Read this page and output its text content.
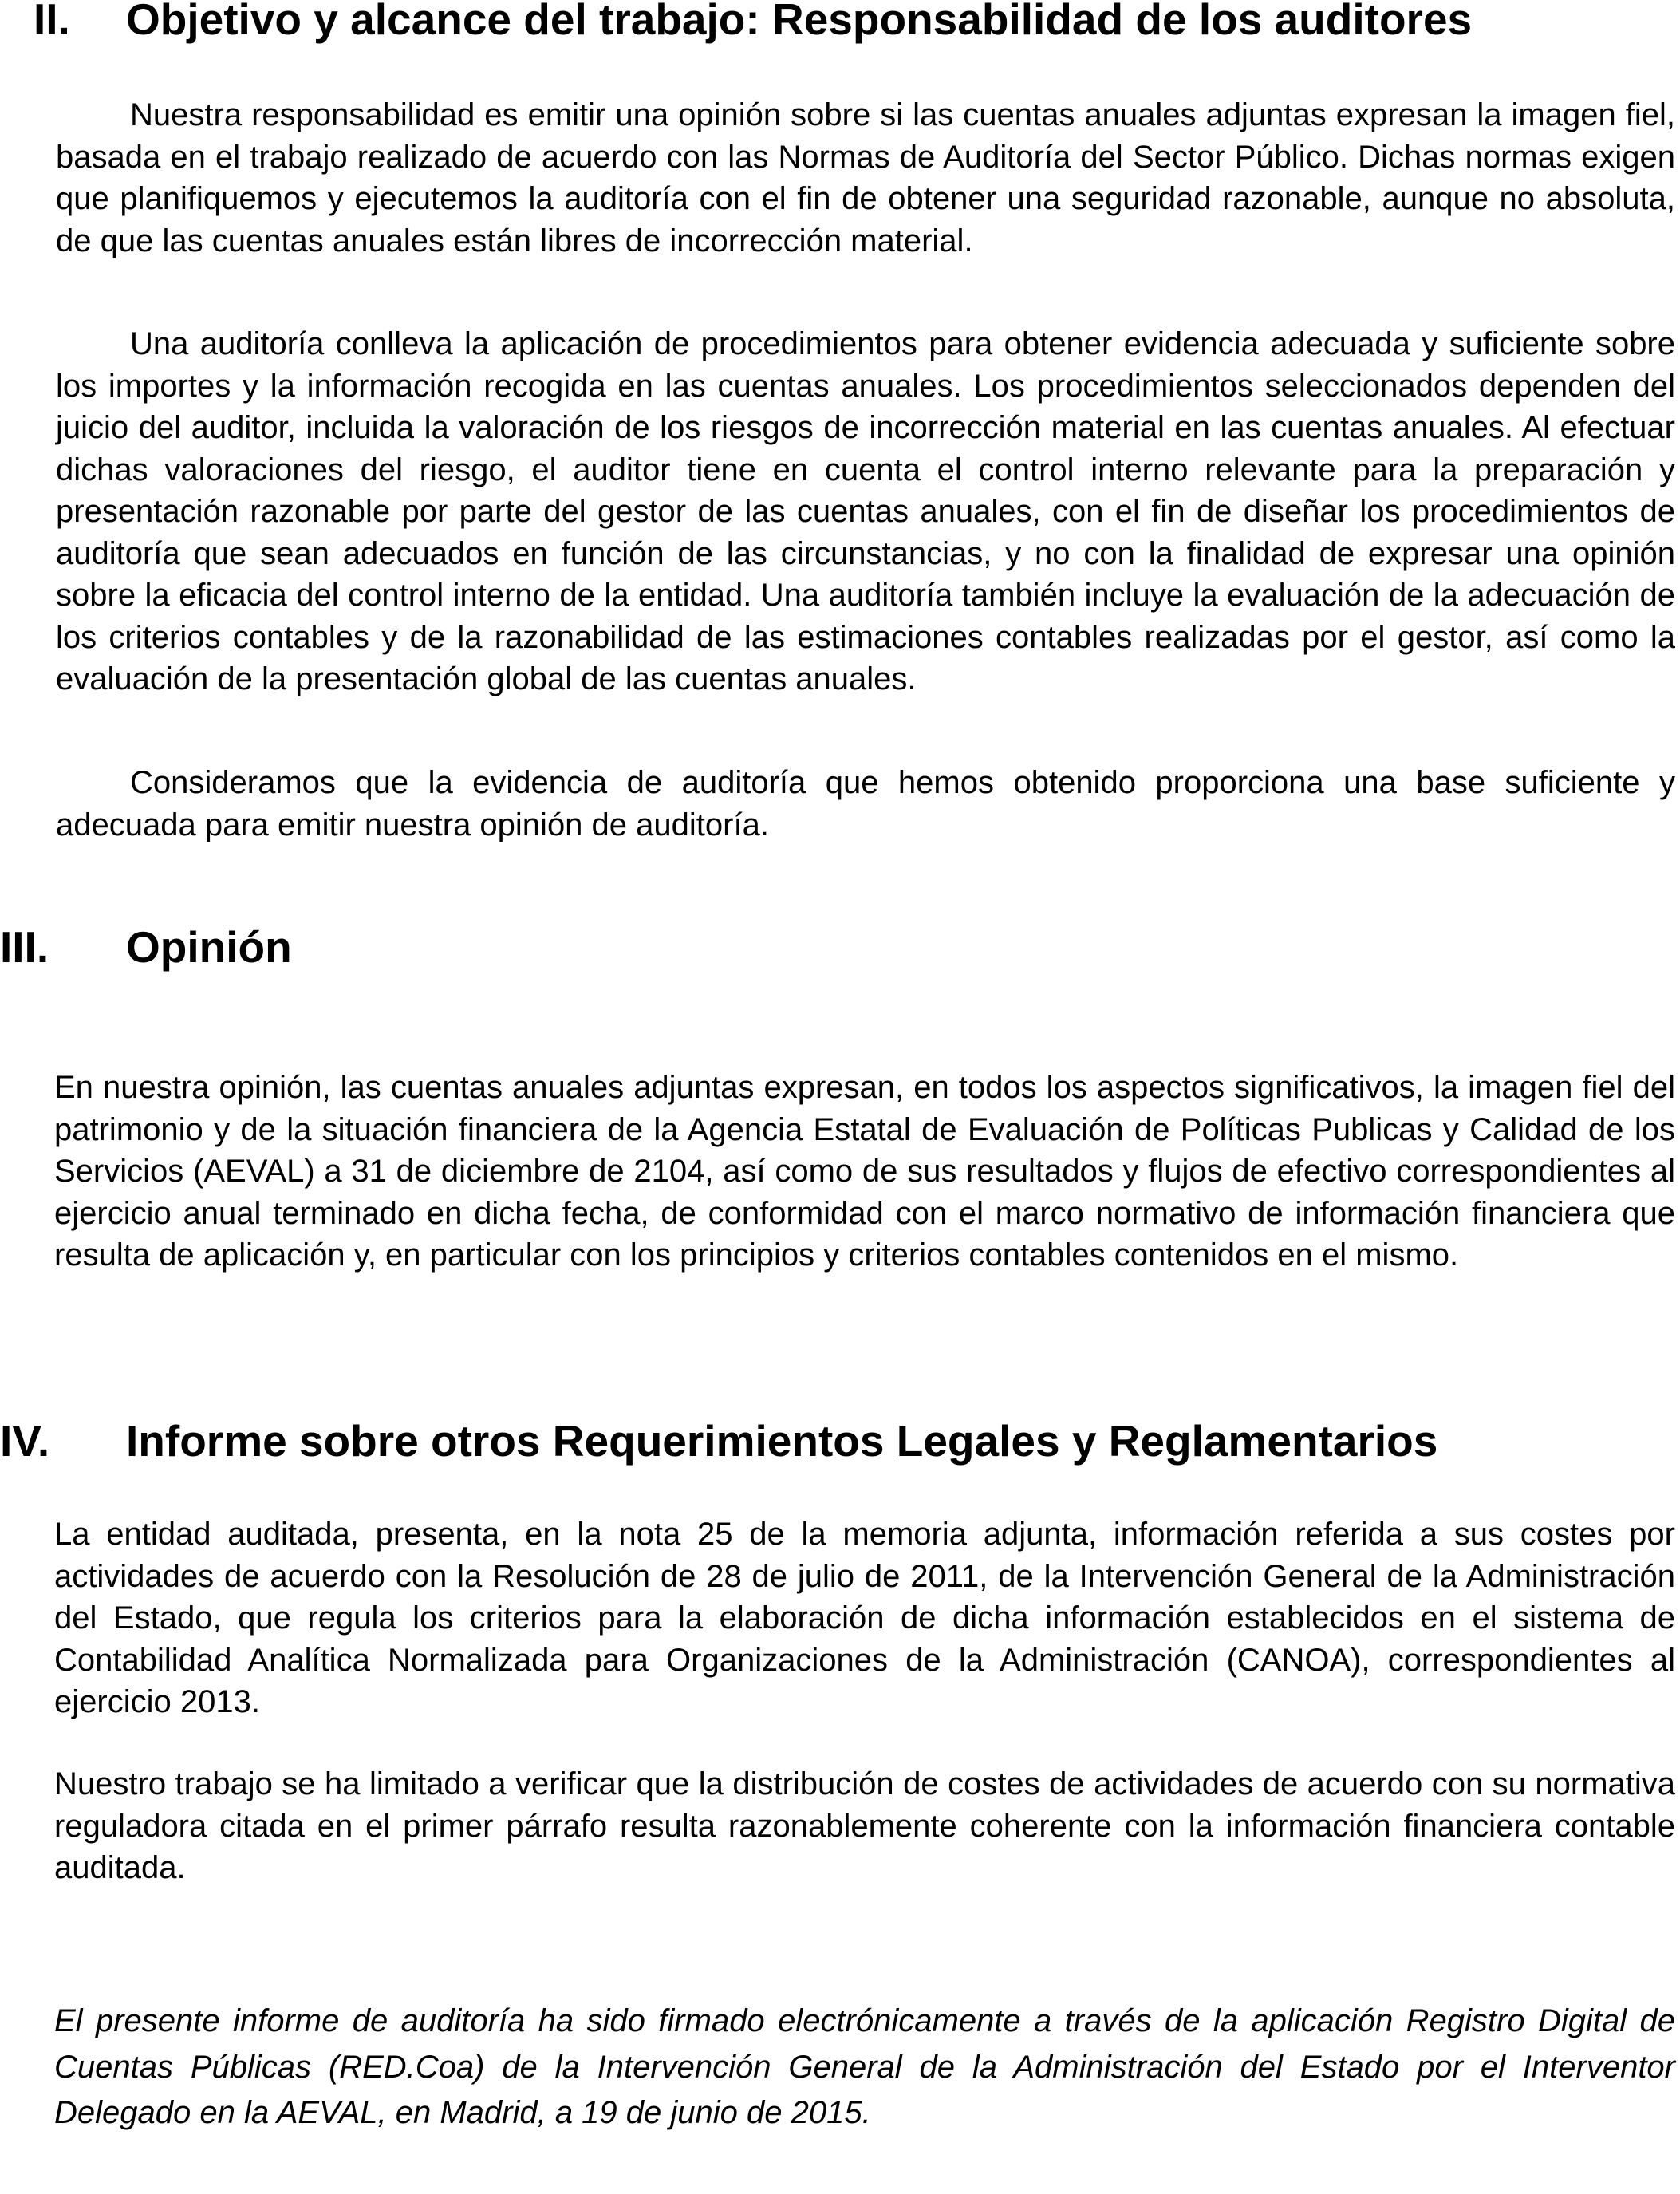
II.	Objetivo y alcance del trabajo: Responsabilidad de los auditores

Nuestra responsabilidad es emitir una opinión sobre si las cuentas anuales adjuntas expresan la imagen fiel, basada en el trabajo realizado de acuerdo con las Normas de Auditoría del Sector Público. Dichas normas exigen que planifiquemos y ejecutemos la auditoría con el fin de obtener una seguridad razonable, aunque no absoluta, de que las cuentas anuales están libres de incorrección material.

Una auditoría conlleva la aplicación de procedimientos para obtener evidencia adecuada y suficiente sobre los importes y la información recogida en las cuentas anuales. Los procedimientos seleccionados dependen del juicio del auditor, incluida la valoración de los riesgos de incorrección material en las cuentas anuales. Al efectuar dichas valoraciones del riesgo, el auditor tiene en cuenta el control interno relevante para la preparación y presentación razonable por parte del gestor de las cuentas anuales, con el fin de diseñar los procedimientos de auditoría que sean adecuados en función de las circunstancias, y no con la finalidad de expresar una opinión sobre la eficacia del control interno de la entidad. Una auditoría también incluye la evaluación de la adecuación de los criterios contables y de la razonabilidad de las estimaciones contables realizadas por el gestor, así como la evaluación de la presentación global de las cuentas anuales.

Consideramos que la evidencia de auditoría que hemos obtenido proporciona una base suficiente y adecuada para emitir nuestra opinión de auditoría.

III.	Opinión

En nuestra opinión, las cuentas anuales adjuntas expresan, en todos los aspectos significativos, la imagen fiel del patrimonio y de la situación financiera de la Agencia Estatal de Evaluación de Políticas Publicas y Calidad de los Servicios (AEVAL) a 31 de diciembre de 2104, así como de sus resultados y flujos de efectivo correspondientes al ejercicio anual terminado en dicha fecha, de conformidad con el marco normativo de información financiera que resulta de aplicación y, en particular con los principios y criterios contables contenidos en el mismo.

IV.	Informe sobre otros Requerimientos Legales y Reglamentarios

La entidad auditada, presenta, en la nota 25 de la memoria adjunta, información referida a sus costes por actividades de acuerdo con la Resolución de 28 de julio de 2011, de la Intervención General de la Administración del Estado, que regula los criterios para la elaboración de dicha información establecidos en el sistema de Contabilidad Analítica Normalizada para Organizaciones de la Administración (CANOA), correspondientes al ejercicio 2013.

Nuestro trabajo se ha limitado a verificar que la distribución de costes de actividades de acuerdo con su normativa reguladora citada en el primer párrafo resulta razonablemente coherente con la información financiera contable auditada.

El presente informe de auditoría ha sido firmado electrónicamente a través de la aplicación Registro Digital de Cuentas Públicas (RED.Coa) de la Intervención General de la Administración del Estado por el Interventor Delegado en la AEVAL, en Madrid, a 19 de junio de 2015.
